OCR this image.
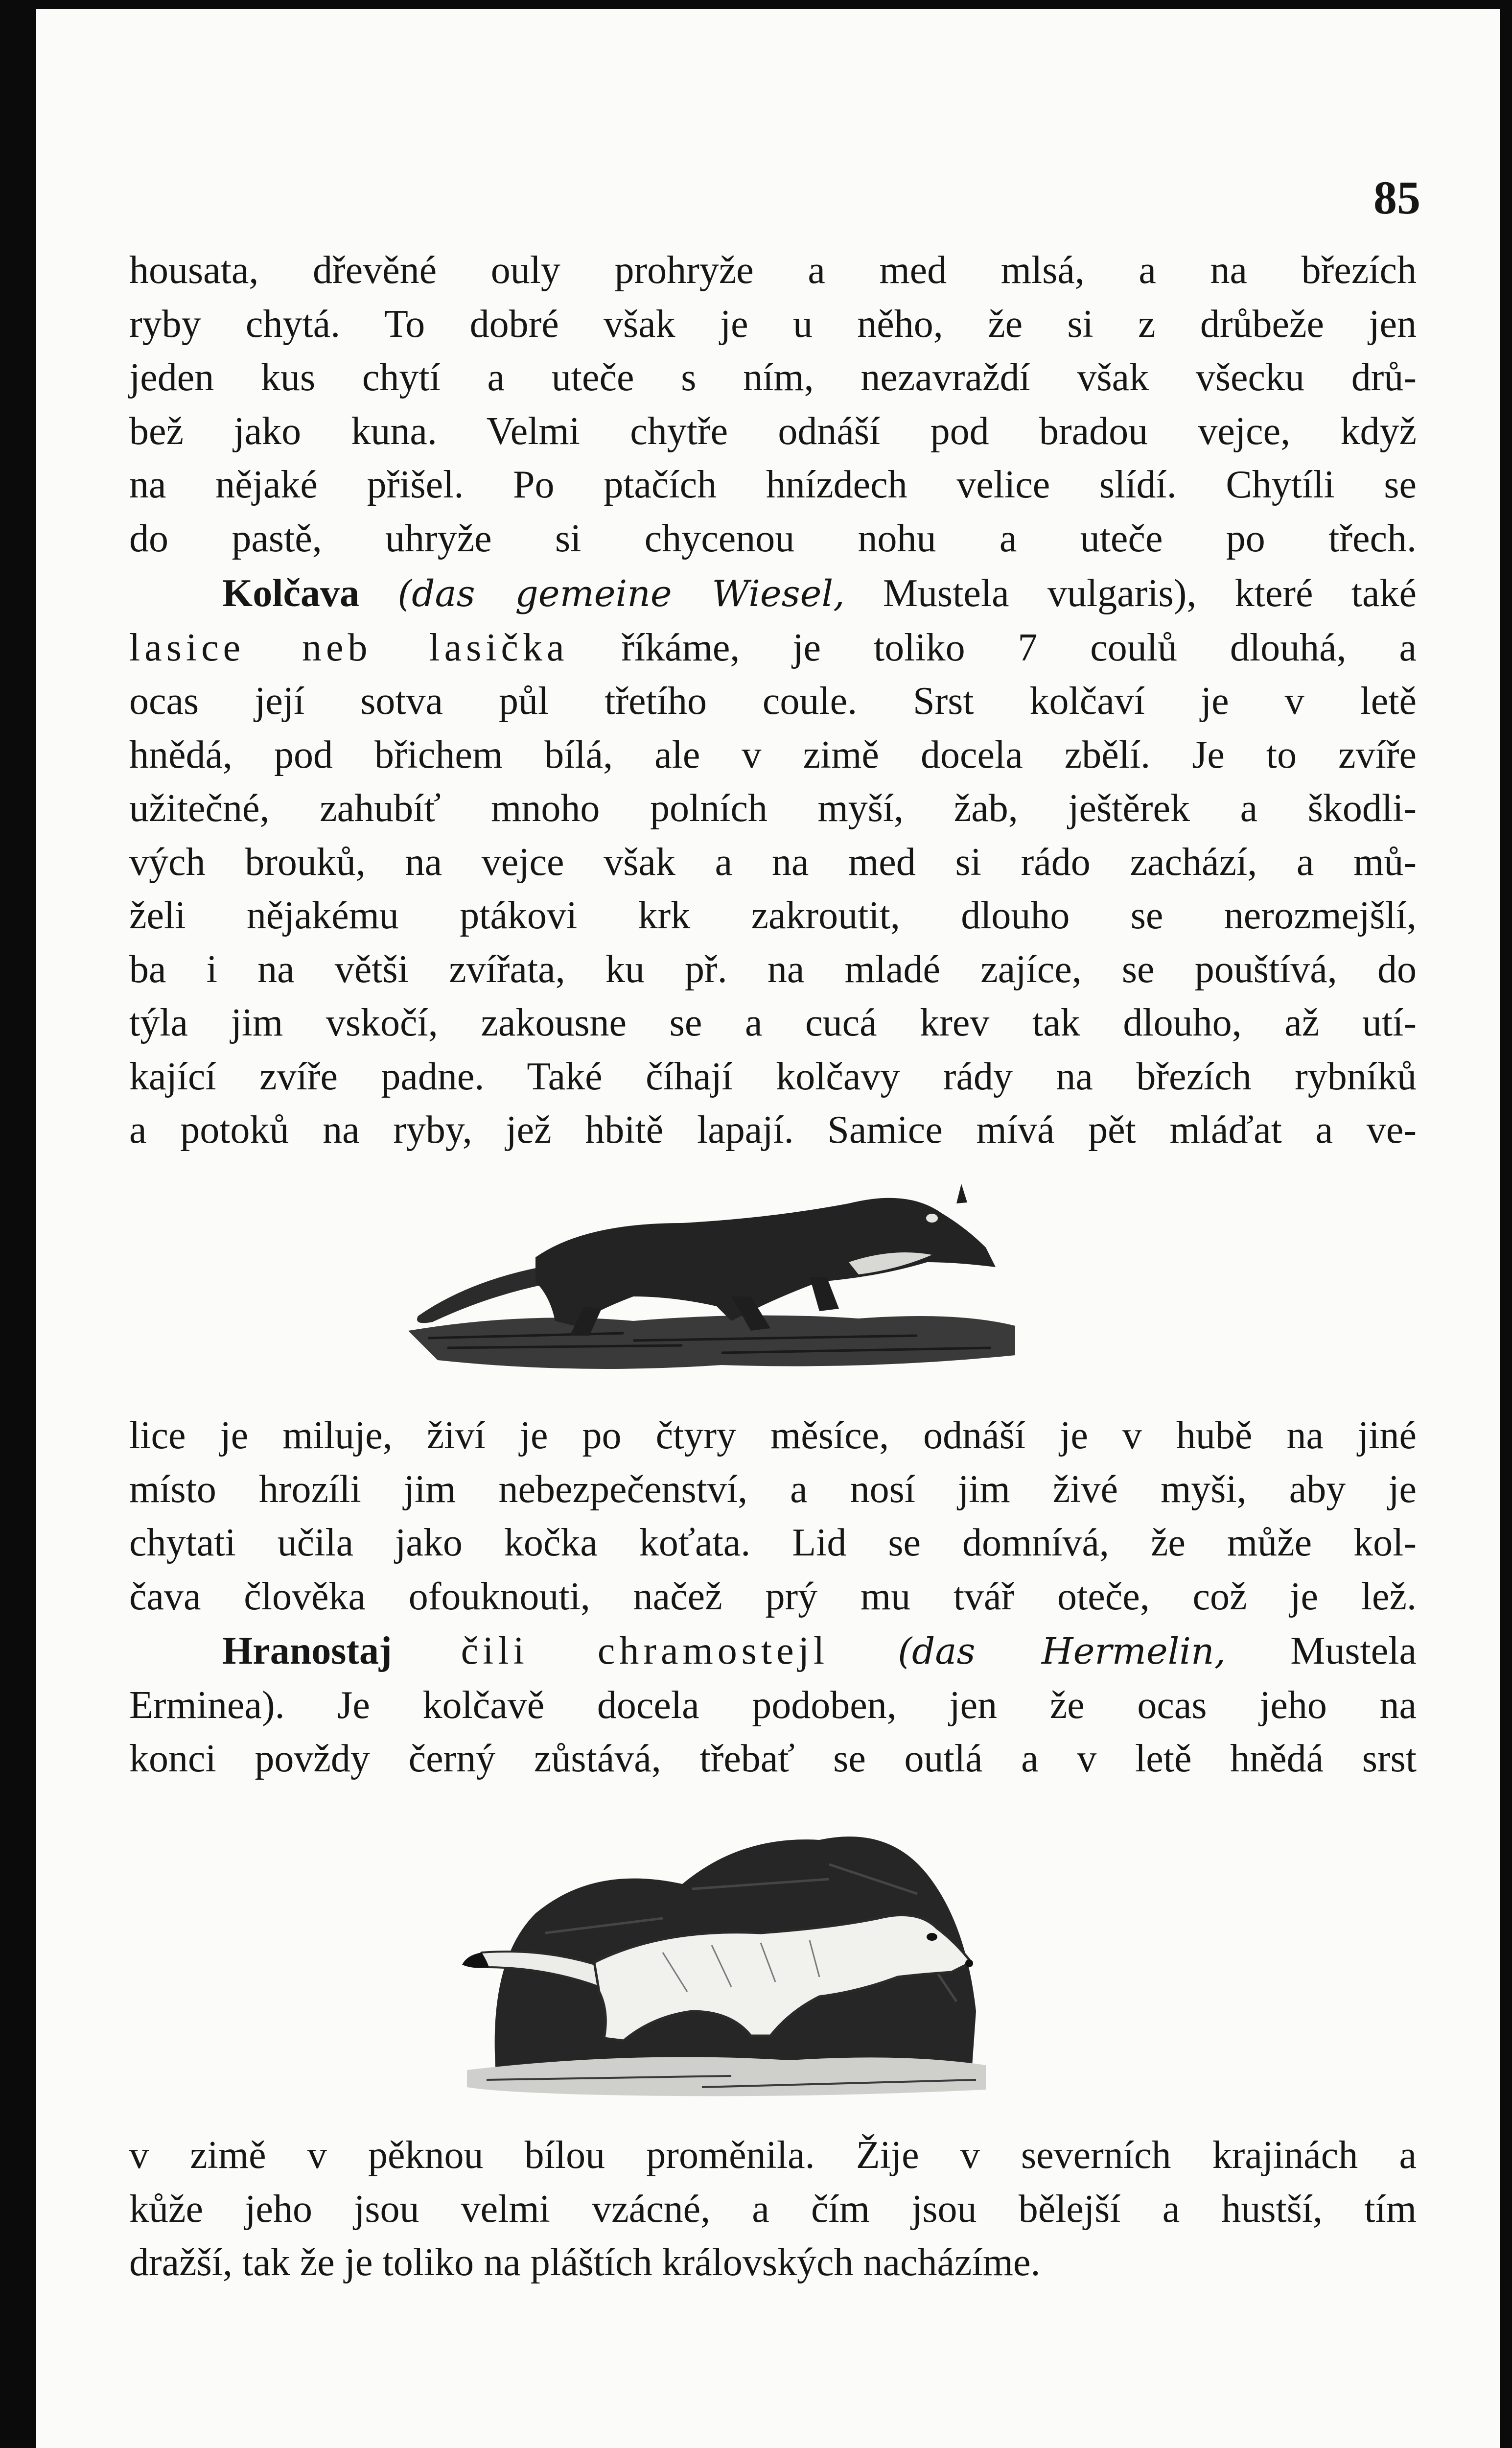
85

housata, dřevěné ouly prohryže a med mlsá, a na březích

ryby chytá. To dobré však je u něho, že si z drůbeže jen

jeden kus chytí a uteče s ním, nezavraždí však všecku drů-

bež jako kuna. Velmi chytře odnáší pod bradou vejce, když

na nějaké přišel. Po ptačích hnízdech velice slídí. Chytíli se

do pastě, uhryže si chycenou nohu a uteče po třech.

Kolčava (das gemeine Wiesel, Mustela vulgaris), které také

lasice neb lasička říkáme, je toliko 7 coulů dlouhá, a

ocas její sotva půl třetího coule. Srst kolčaví je v letě

hnědá, pod břichem bílá, ale v zimě docela zbělí. Je to zvíře

užitečné, zahubíť mnoho polních myší, žab, ještěrek a škodli-

vých brouků, na vejce však a na med si rádo zachází, a mů-

želi nějakému ptákovi krk zakroutit, dlouho se nerozmejšlí,

ba i na větši zvířata, ku př. na mladé zajíce, se pouštívá, do

týla jim vskočí, zakousne se a cucá krev tak dlouho, až utí-

kající zvíře padne. Také číhají kolčavy rády na březích rybníků

a potoků na ryby, jež hbitě lapají. Samice mívá pět mláďat a ve-

lice je miluje, živí je po čtyry měsíce, odnáší je v hubě na jiné

místo hrozíli jim nebezpečenství, a nosí jim živé myši, aby je

chytati učila jako kočka koťata. Lid se domnívá, že může kol-

čava člověka ofouknouti, načež prý mu tvář oteče, což je lež.

Hranostaj čili chramostejl (das Hermelin, Mustela

Erminea). Je kolčavě docela podoben, jen že ocas jeho na

konci povždy černý zůstává, třebať se outlá a v letě hnědá srst

v zimě v pěknou bílou proměnila. Žije v severních krajinách a

kůže jeho jsou velmi vzácné, a čím jsou bělejší a hustší, tím

dražší, tak že je toliko na pláštích královských nacházíme.
